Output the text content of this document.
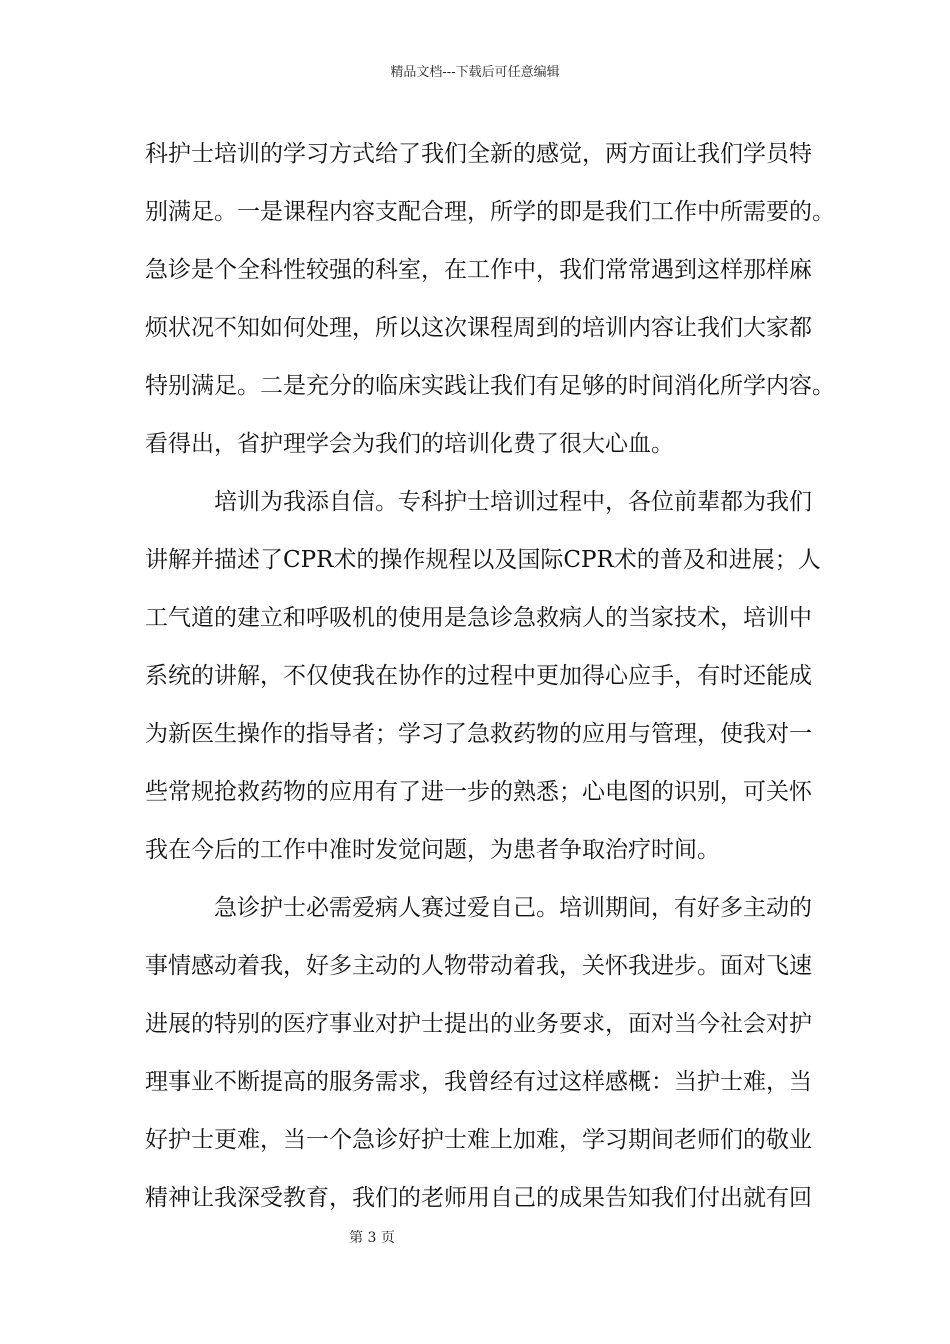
精品文档---下载后可任意编辑
科护士培训的学习方式给了我们全新的感觉，两方面让我们学员特
别满足。一是课程内容支配合理，所学的即是我们工作中所需要的。
急诊是个全科性较强的科室，在工作中，我们常常遇到这样那样麻
烦状况不知如何处理，所以这次课程周到的培训内容让我们大家都
特别满足。二是充分的临床实践让我们有足够的时间消化所学内容。
看得出，省护理学会为我们的培训化费了很大心血。
培训为我添自信。专科护士培训过程中，各位前辈都为我们
讲解并描述了CPR术的操作规程以及国际CPR术的普及和进展；人
工气道的建立和呼吸机的使用是急诊急救病人的当家技术，培训中
系统的讲解，不仅使我在协作的过程中更加得心应手，有时还能成
为新医生操作的指导者；学习了急救药物的应用与管理，使我对一
些常规抢救药物的应用有了进一步的熟悉；心电图的识别，可关怀
我在今后的工作中准时发觉问题，为患者争取治疗时间。
急诊护士必需爱病人赛过爱自己。培训期间，有好多主动的
事情感动着我，好多主动的人物带动着我，关怀我进步。面对飞速
进展的特别的医疗事业对护士提出的业务要求，面对当今社会对护
理事业不断提高的服务需求，我曾经有过这样感概：当护士难，当
好护士更难，当一个急诊好护士难上加难，学习期间老师们的敬业
精神让我深受教育，我们的老师用自己的成果告知我们付出就有回
第 3 页
